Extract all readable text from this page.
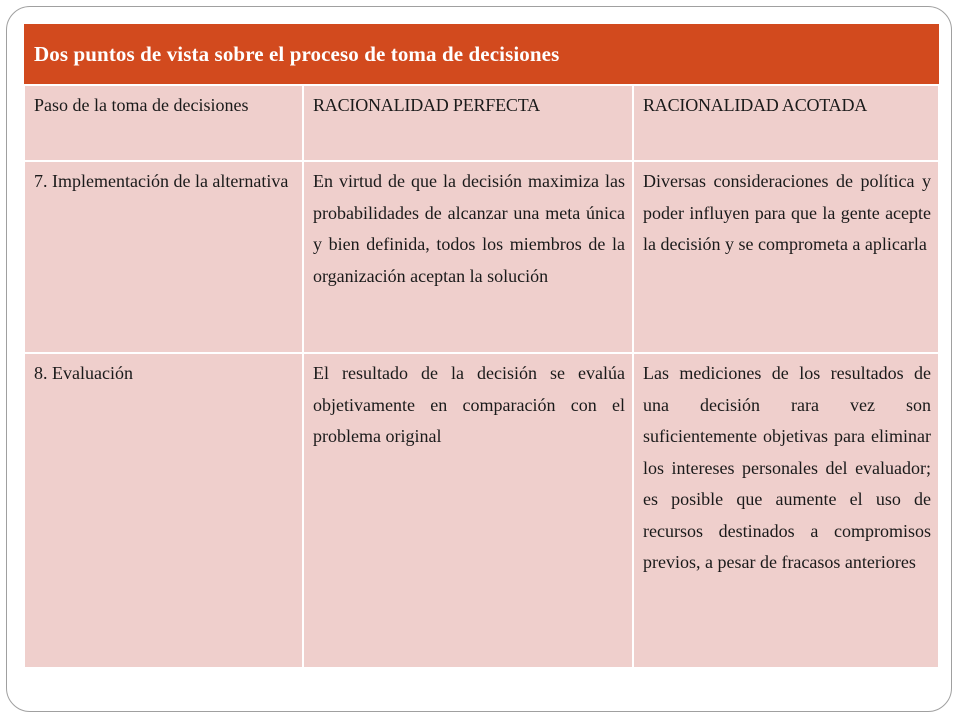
Dos puntos de vista sobre el proceso de toma de decisiones		
Paso de la toma de decisiones	RACIONALIDAD PERFECTA	RACIONALIDAD ACOTADA

7. Implementación de la alternativa	En virtud de que la decisión maximiza las probabilidades de alcanzar una meta única y bien definida, todos los miembros de la organización aceptan la solución	Diversas consideraciones de política y poder influyen para que la gente acepte la decisión y se comprometa a aplicarla

8. Evaluación	El resultado de la decisión se evalúa objetivamente en comparación con el problema original	Las mediciones de los resultados de una decisión rara vez son suficientemente objetivas para eliminar los intereses personales del evaluador; es posible que aumente el uso de recursos destinados a compromisos previos, a pesar de fracasos anteriores
